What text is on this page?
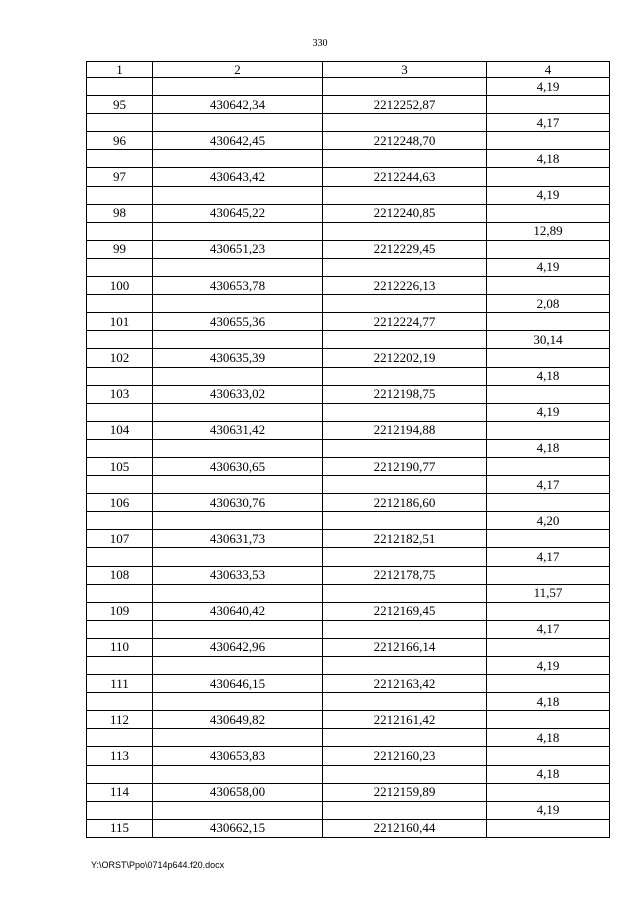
330
1	2	3	4
			4,19
95	430642,34	2212252,87	
			4,17
96	430642,45	2212248,70	
			4,18
97	430643,42	2212244,63	
			4,19
98	430645,22	2212240,85	
			12,89
99	430651,23	2212229,45	
			4,19
100	430653,78	2212226,13	
			2,08
101	430655,36	2212224,77	
			30,14
102	430635,39	2212202,19	
			4,18
103	430633,02	2212198,75	
			4,19
104	430631,42	2212194,88	
			4,18
105	430630,65	2212190,77	
			4,17
106	430630,76	2212186,60	
			4,20
107	430631,73	2212182,51	
			4,17
108	430633,53	2212178,75	
			11,57
109	430640,42	2212169,45	
			4,17
110	430642,96	2212166,14	
			4,19
111	430646,15	2212163,42	
			4,18
112	430649,82	2212161,42	
			4,18
113	430653,83	2212160,23	
			4,18
114	430658,00	2212159,89	
			4,19
115	430662,15	2212160,44	
Y:\ORST\Ppo\0714p644.f20.docx
